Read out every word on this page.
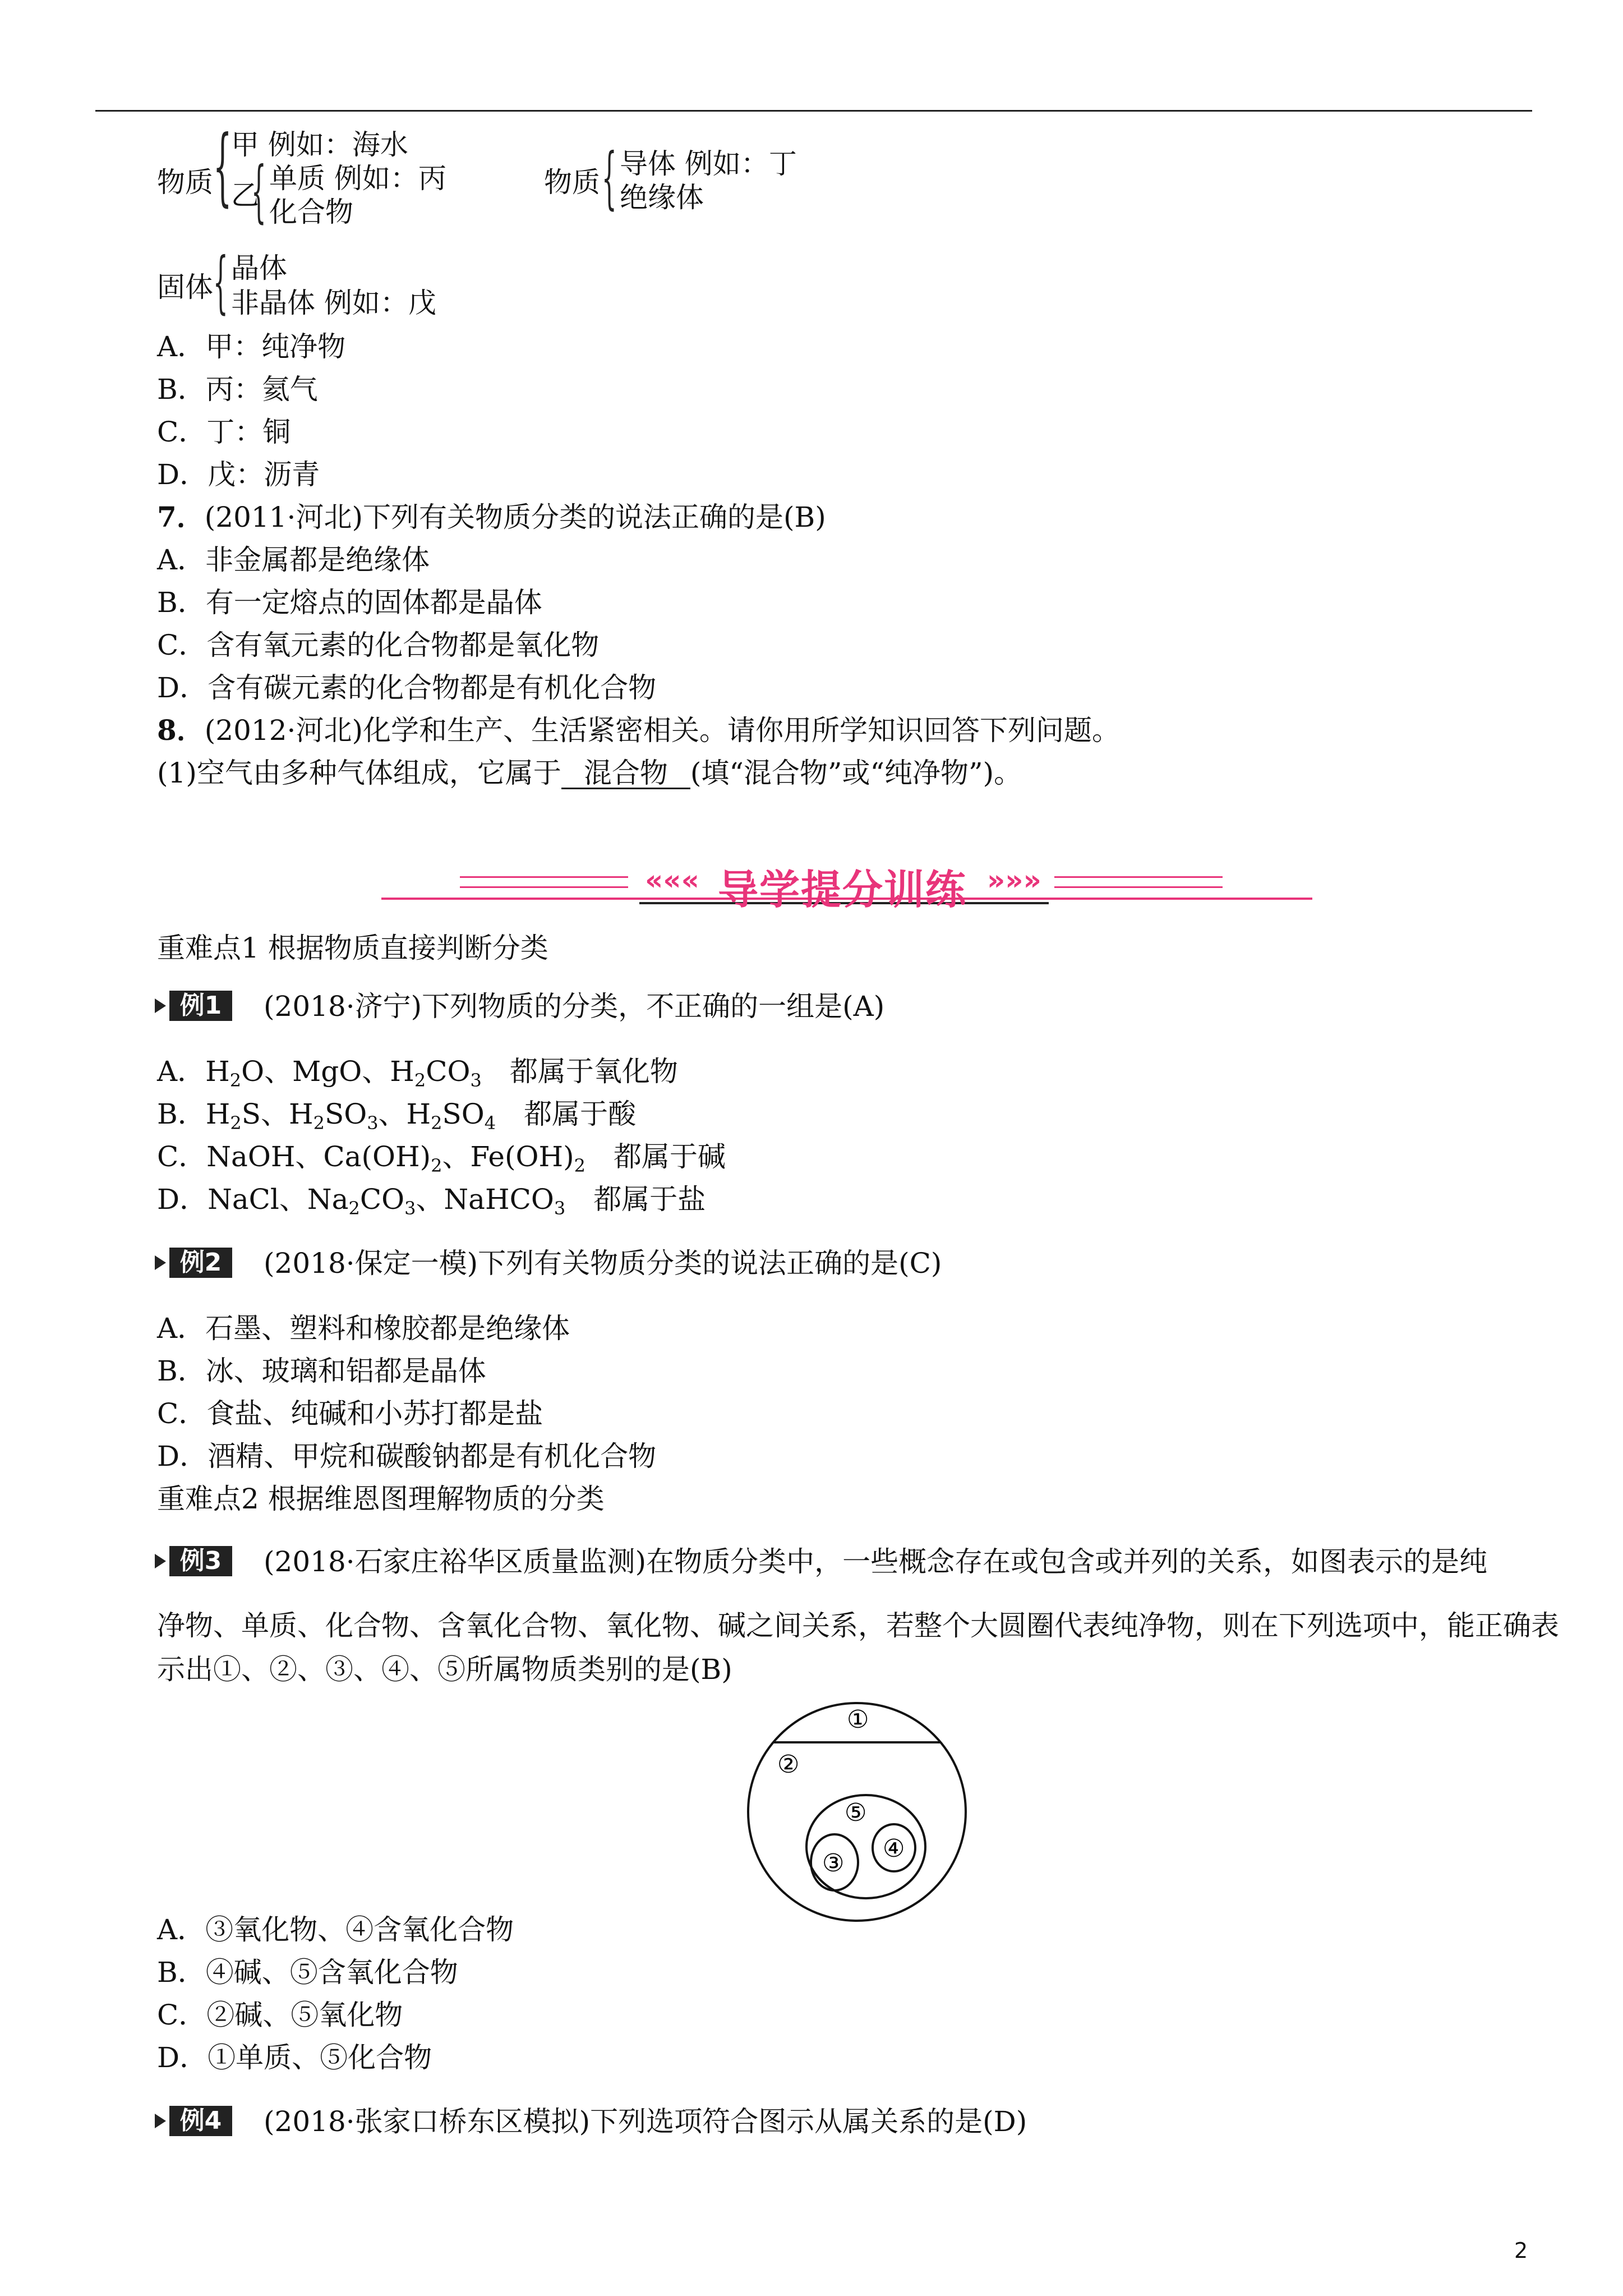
物质 {
甲 例如：海水
乙
{ 单质 例如：丙
化合物
物质 { 导体 例如：丁
绝缘体
固体 { 晶体
非晶体 例如：戊
A．甲：纯净物
B．丙：氦气
C．丁：铜
D．戊：沥青
7．(2011·河北)下列有关物质分类的说法正确的是(B)
A．非金属都是绝缘体
B．有一定熔点的固体都是晶体
C．含有氧元素的化合物都是氧化物
D．含有碳元素的化合物都是有机化合物
8．(2012·河北)化学和生产、生活紧密相关。请你用所学知识回答下列问题。
(1)空气由多种气体组成，它属于 混合物 (填“混合物”或“纯净物”)。
««« 导学提分训练 »»»
重难点1 根据物质直接判断分类
例1	(2018·济宁)下列物质的分类，不正确的一组是(A)
A．$H_2O$、MgO、$H_2CO_3$ 都属于氧化物
B．$H_2S$、$H_2SO_3$、$H_2SO_4$ 都属于酸
C．NaOH、$Ca(OH)_2$、$Fe(OH)_2$ 都属于碱
D．NaCl、$Na_2CO_3$、NaHCO$_3$ 都属于盐
例2	(2018·保定一模)下列有关物质分类的说法正确的是(C)
A．石墨、塑料和橡胶都是绝缘体
B．冰、玻璃和铝都是晶体
C．食盐、纯碱和小苏打都是盐
D．酒精、甲烷和碳酸钠都是有机化合物
重难点2 根据维恩图理解物质的分类
例3	(2018·石家庄裕华区质量监测)在物质分类中，一些概念存在或包含或并列的关系，如图表示的是纯
净物、单质、化合物、含氧化合物、氧化物、碱之间关系，若整个大圆圈代表纯净物，则在下列选项中，能正确表
示出①、②、③、④、⑤所属物质类别的是(B)
①
②
⑤
③
④
A．③氧化物、④含氧化合物
B．④碱、⑤含氧化合物
C．②碱、⑤氧化物
D．①单质、⑤化合物
例4	(2018·张家口桥东区模拟)下列选项符合图示从属关系的是(D)
2
